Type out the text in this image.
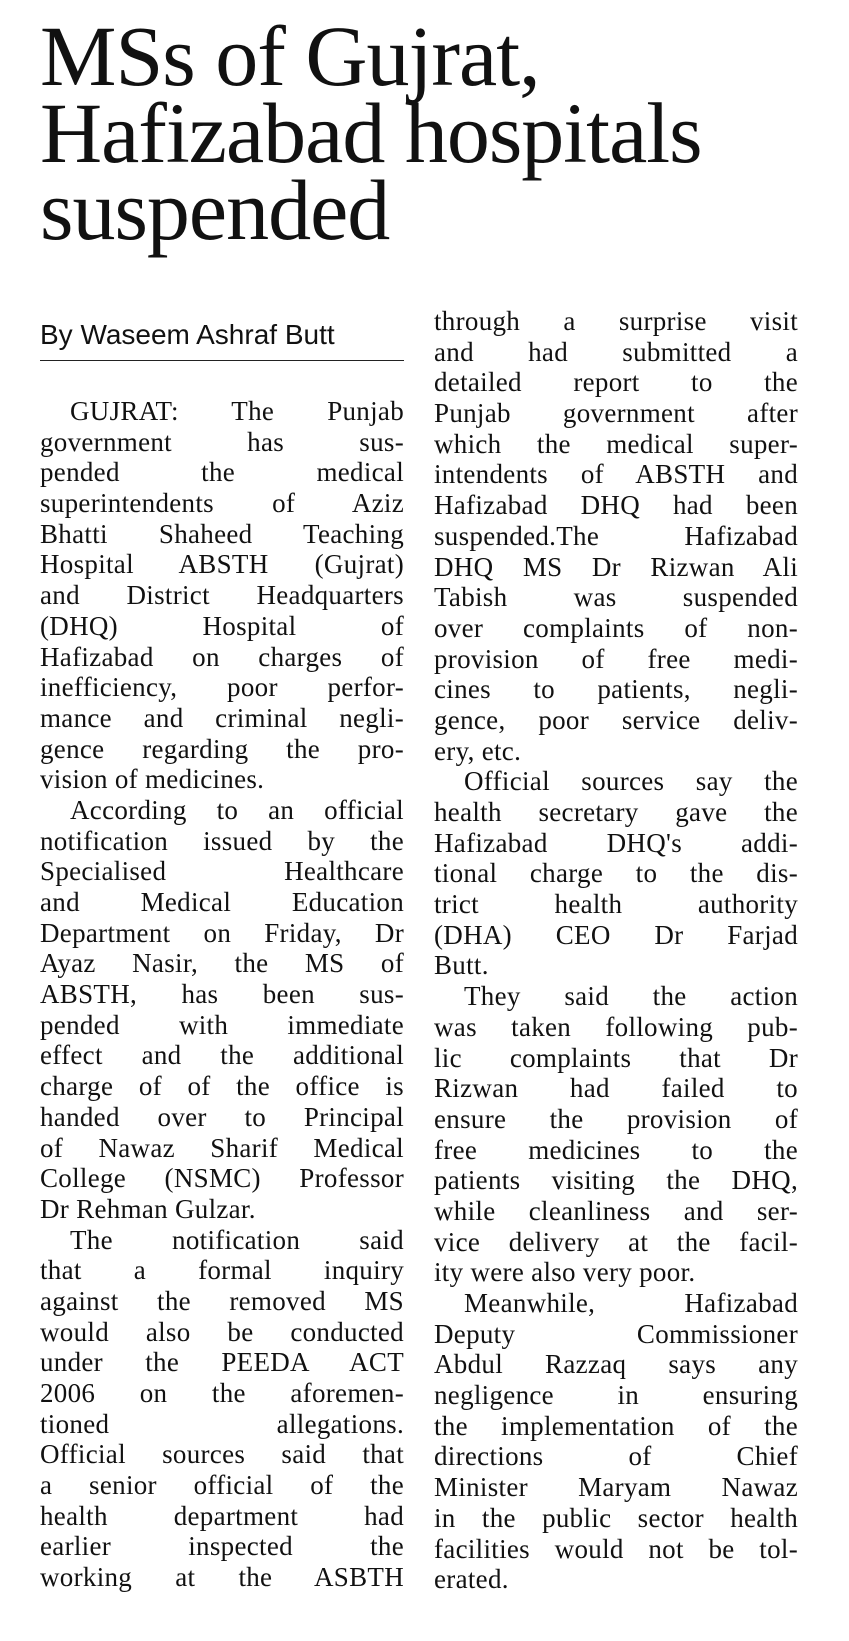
MSs of Gujrat,
Hafizabad hospitals
suspended
By Waseem Ashraf Butt
GUJRAT: The Punjab
government has sus-
pended the medical
superintendents of Aziz
Bhatti Shaheed Teaching
Hospital ABSTH (Gujrat)
and District Headquarters
(DHQ) Hospital of
Hafizabad on charges of
inefficiency, poor perfor-
mance and criminal negli-
gence regarding the pro-
vision of medicines.
According to an official
notification issued by the
Specialised Healthcare
and Medical Education
Department on Friday, Dr
Ayaz Nasir, the MS of
ABSTH, has been sus-
pended with immediate
effect and the additional
charge of of the office is
handed over to Principal
of Nawaz Sharif Medical
College (NSMC) Professor
Dr Rehman Gulzar.
The notification said
that a formal inquiry
against the removed MS
would also be conducted
under the PEEDA ACT
2006 on the aforemen-
tioned allegations.
Official sources said that
a senior official of the
health department had
earlier inspected the
working at the ASBTH
through a surprise visit
and had submitted a
detailed report to the
Punjab government after
which the medical super-
intendents of ABSTH and
Hafizabad DHQ had been
suspended.The Hafizabad
DHQ MS Dr Rizwan Ali
Tabish was suspended
over complaints of non-
provision of free medi-
cines to patients, negli-
gence, poor service deliv-
ery, etc.
Official sources say the
health secretary gave the
Hafizabad DHQ's addi-
tional charge to the dis-
trict health authority
(DHA) CEO Dr Farjad
Butt.
They said the action
was taken following pub-
lic complaints that Dr
Rizwan had failed to
ensure the provision of
free medicines to the
patients visiting the DHQ,
while cleanliness and ser-
vice delivery at the facil-
ity were also very poor.
Meanwhile, Hafizabad
Deputy Commissioner
Abdul Razzaq says any
negligence in ensuring
the implementation of the
directions of Chief
Minister Maryam Nawaz
in the public sector health
facilities would not be tol-
erated.
